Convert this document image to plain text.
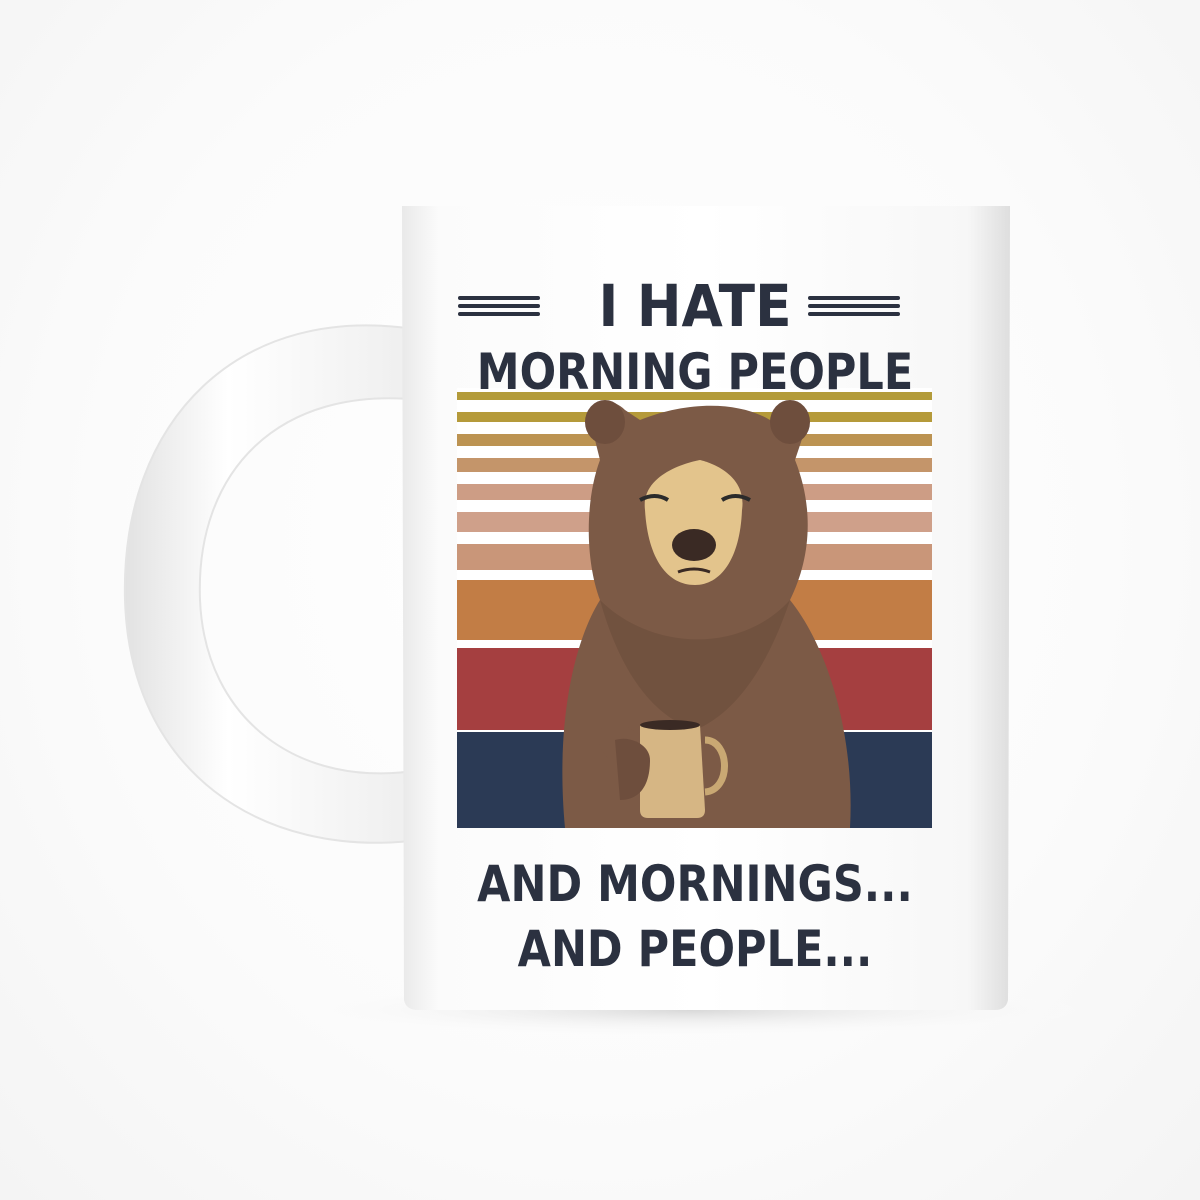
I HATE
MORNING PEOPLE
AND MORNINGS...
AND PEOPLE...
